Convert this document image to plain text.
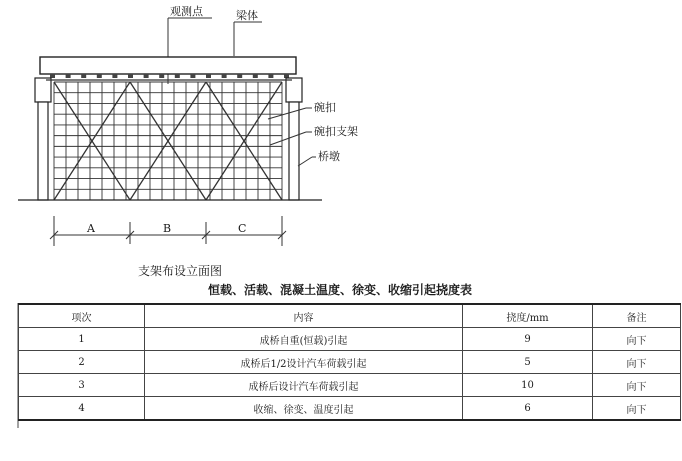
观测点	梁体
碗扣
碗扣支架
桥墩
A	B	C
支架布设立面图
恒载、活载、混凝土温度、徐变、收缩引起挠度表
项次	内容	挠度/mm	备注
1	成桥自重(恒载)引起	9	向下
2	成桥后1/2设计汽车荷载引起	5	向下
3	成桥后设计汽车荷载引起	10	向下
4	收缩、徐变、温度引起	6	向下
